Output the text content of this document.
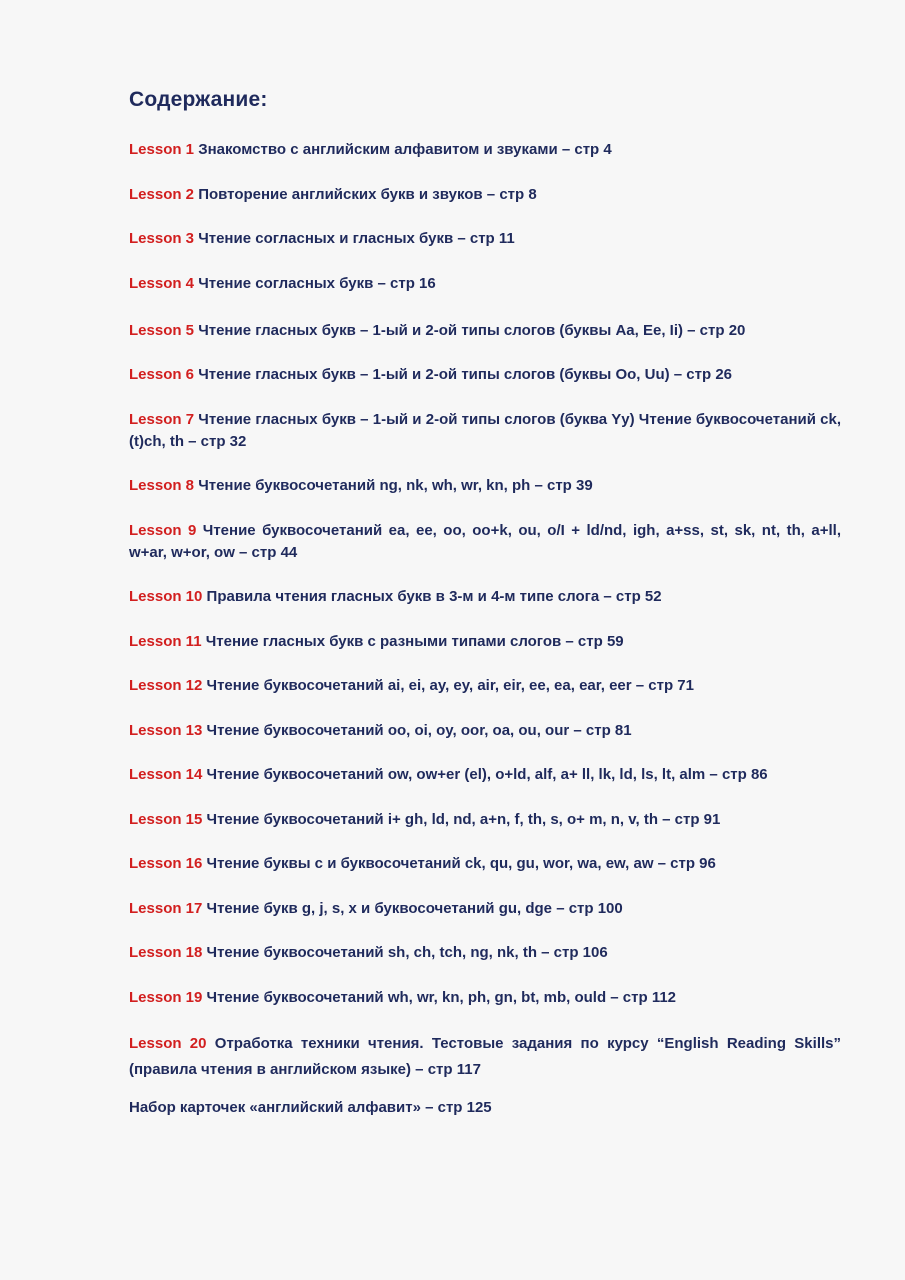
Содержание:
Lesson 1 Знакомство с английским алфавитом и звуками – стр 4
Lesson 2 Повторение английских букв и звуков – стр 8
Lesson 3 Чтение согласных и гласных букв – стр 11
Lesson 4 Чтение согласных букв – стр 16
Lesson 5 Чтение гласных букв – 1-ый и 2-ой типы слогов (буквы Aa, Ee, Ii) – стр 20
Lesson 6 Чтение гласных букв – 1-ый и 2-ой типы слогов (буквы Oo, Uu) – стр 26
Lesson 7 Чтение гласных букв – 1-ый и 2-ой типы слогов (буква Yy) Чтение буквосочетаний ck, (t)ch, th – стр 32
Lesson 8 Чтение буквосочетаний ng, nk, wh, wr, kn, ph – стр 39
Lesson 9 Чтение буквосочетаний ea, ee, oo, oo+k, ou, o/I + ld/nd, igh, a+ss, st, sk, nt, th, a+ll, w+ar, w+or, ow – стр 44
Lesson 10 Правила чтения гласных букв в 3-м и 4-м типе слога – стр 52
Lesson 11 Чтение гласных букв с разными типами слогов – стр 59
Lesson 12 Чтение буквосочетаний ai, ei, ay, ey, air, eir, ee, ea, ear, eer – стр 71
Lesson 13 Чтение буквосочетаний oo, oi, oy, oor, oa, ou, our – стр 81
Lesson 14 Чтение буквосочетаний ow, ow+er (el), o+ld, alf, a+ ll, lk, ld, ls, lt, alm – стр 86
Lesson 15 Чтение буквосочетаний i+ gh, ld, nd, a+n, f, th, s, o+ m, n, v, th – стр 91
Lesson 16 Чтение буквы c и буквосочетаний ck, qu, gu, wor, wa, ew, aw – стр 96
Lesson 17 Чтение букв g, j, s, x и буквосочетаний gu, dge – стр 100
Lesson 18 Чтение буквосочетаний sh, ch, tch, ng, nk, th – стр 106
Lesson 19 Чтение буквосочетаний wh, wr, kn, ph, gn, bt, mb, ould – стр 112
Lesson 20 Отработка техники чтения. Тестовые задания по курсу “English Reading Skills” (правила чтения в английском языке) – стр 117
Набор карточек «английский алфавит» – стр 125
